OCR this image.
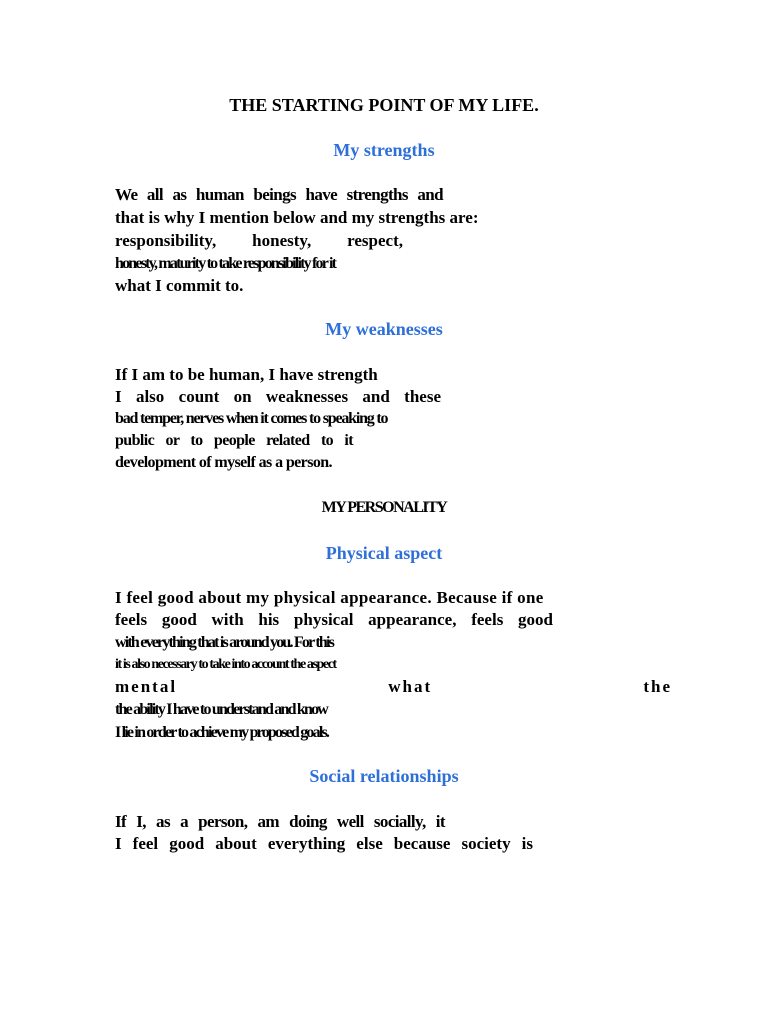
THE STARTING POINT OF MY LIFE.
My strengths
We all as human beings have strengths and
that is why I mention below and my strengths are:
responsibility, honesty, respect,
honesty, maturity to take responsibility for it
what I commit to.
My weaknesses
If I am to be human, I have strength
I also count on weaknesses and these
bad temper, nerves when it comes to speaking to
public or to people related to it
development of myself as a person.
MY PERSONALITY
Physical aspect
I feel good about my physical appearance. Because if one
feels good with his physical appearance, feels good
with everything that is around you. For this
it is also necessary to take into account the aspect
mental what the
the ability I have to understand and know
I lie in order to achieve my proposed goals.
Social relationships
If I, as a person, am doing well socially, it
I feel good about everything else because society is
